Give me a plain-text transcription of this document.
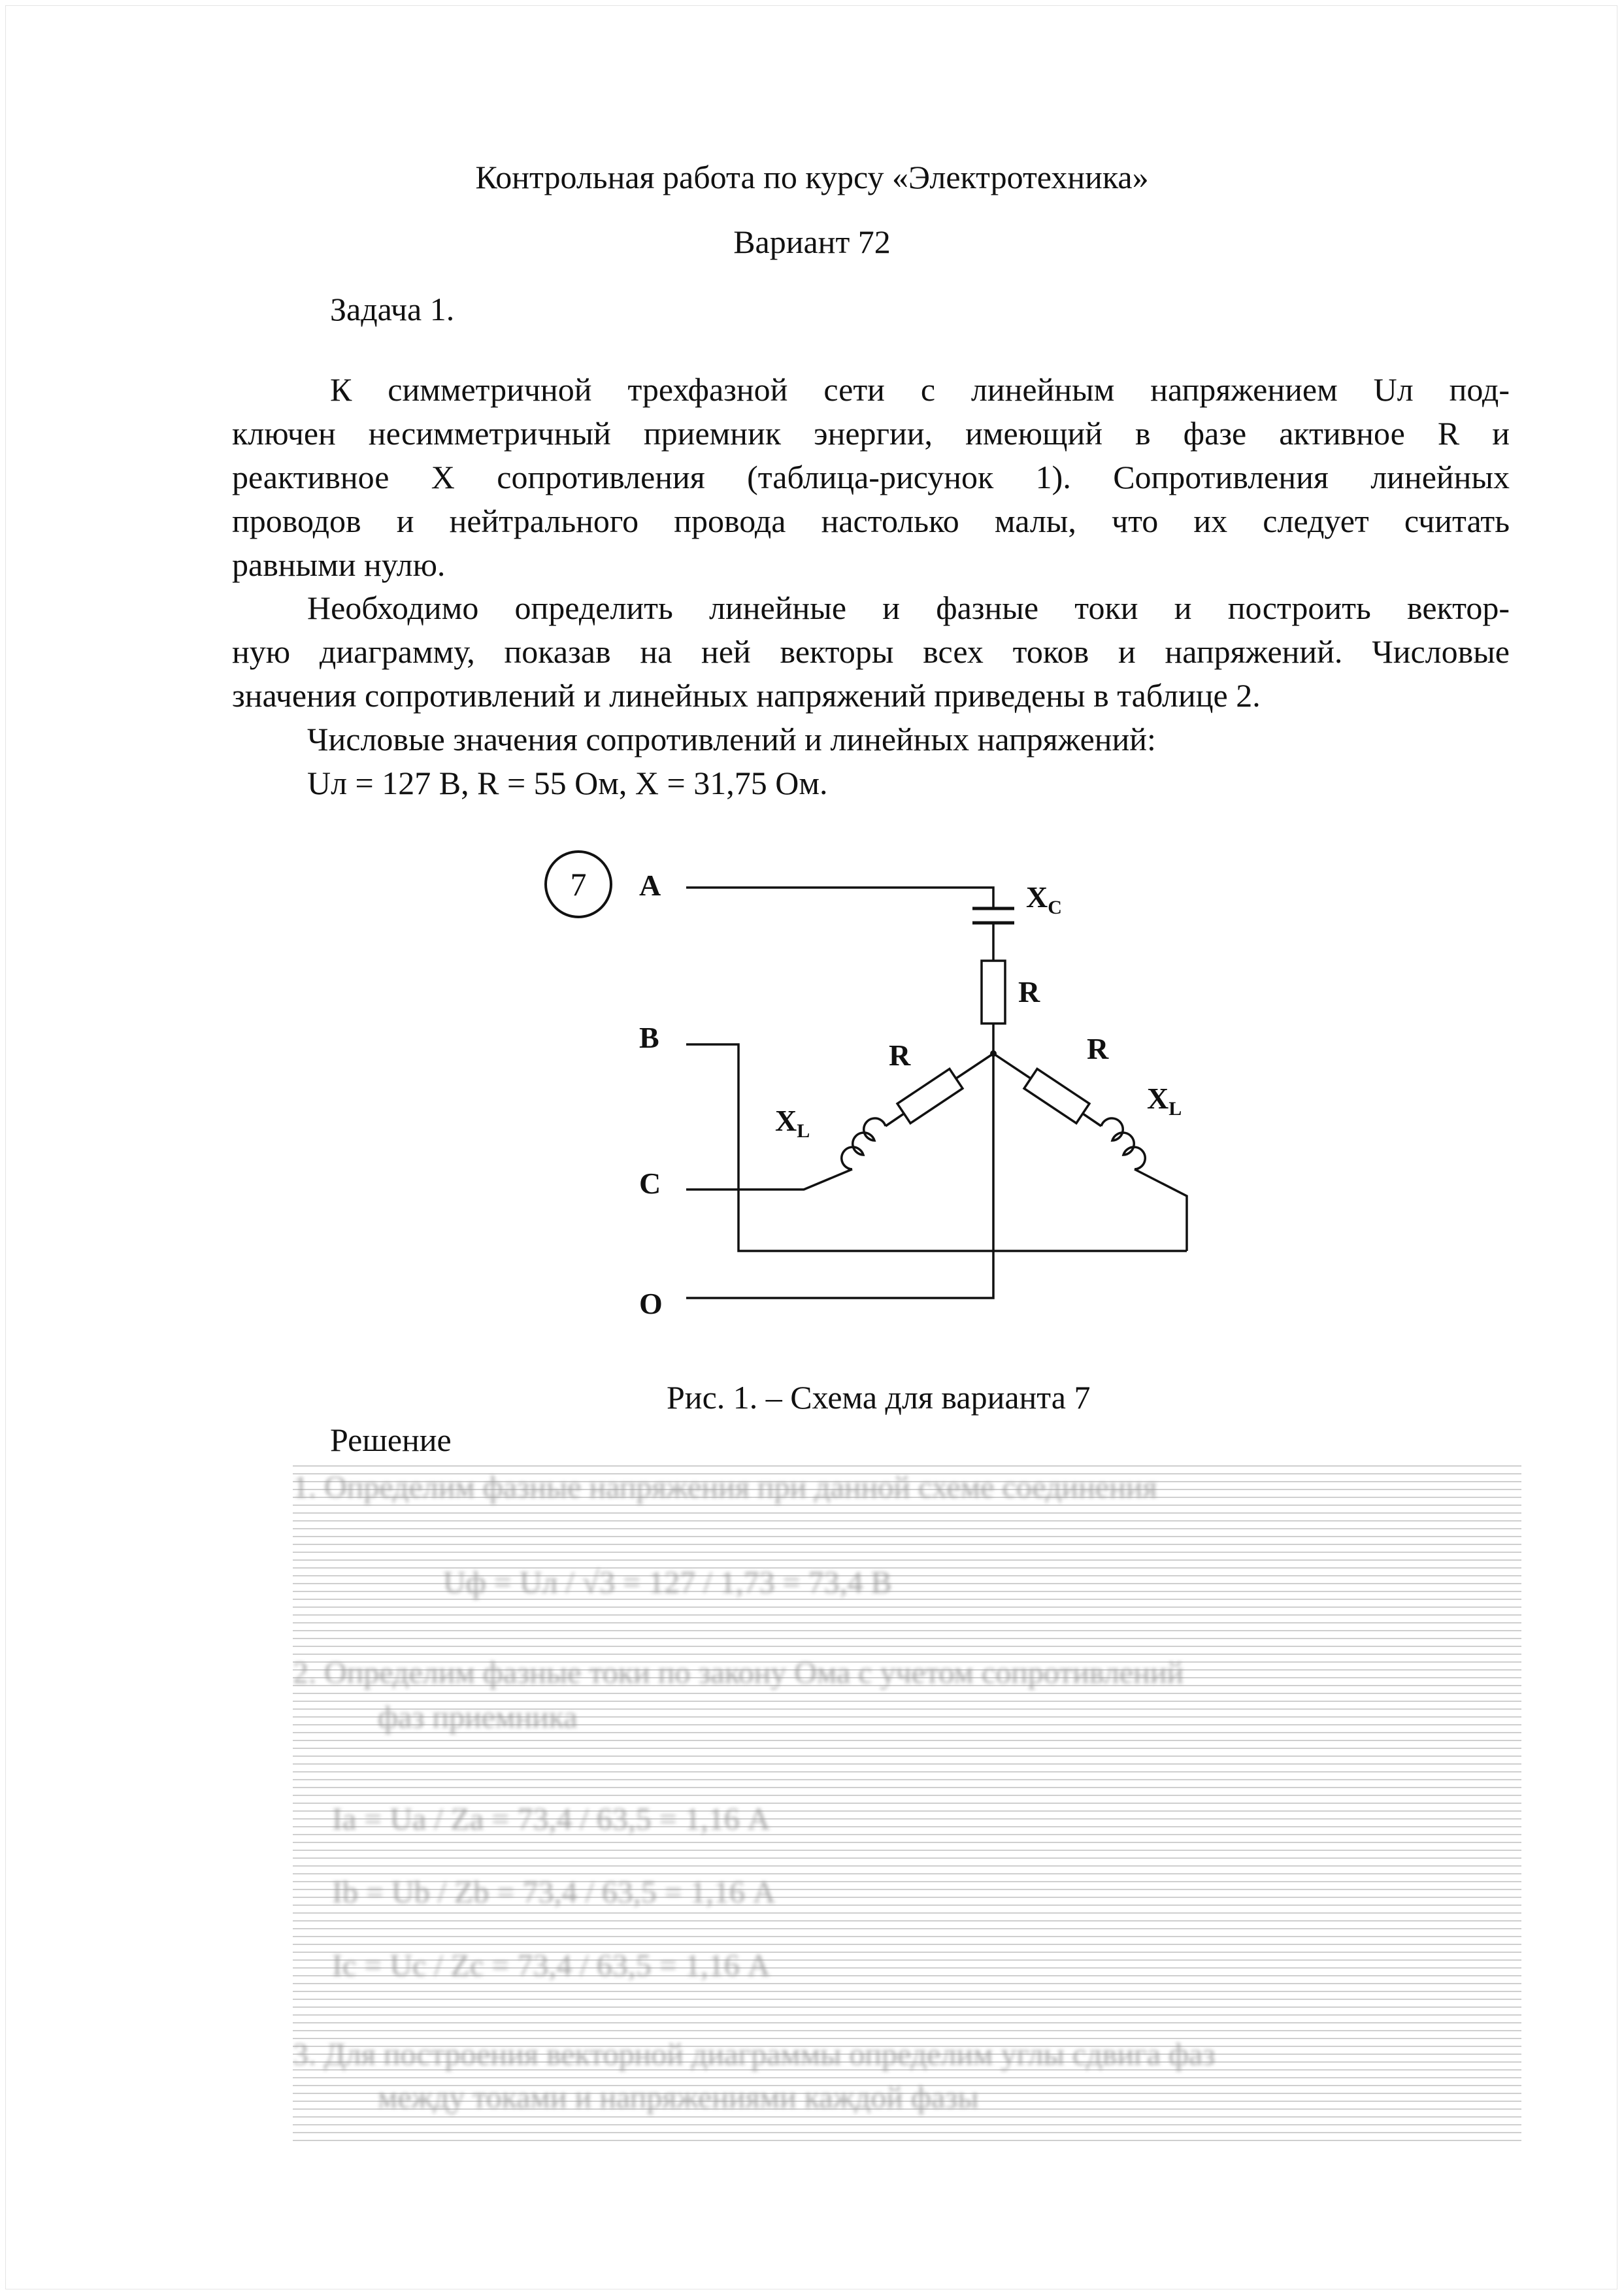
Контрольная работа по курсу «Электротехника»
Вариант 72
Задача 1.
К симметричной трехфазной сети с линейным напряжением Uл под-
ключен несимметричный приемник энергии, имеющий в фазе активное R и
реактивное X сопротивления (таблица-рисунок 1). Сопротивления линейных
проводов и нейтрального провода настолько малы, что их следует считать
равными нулю.
Необходимо определить линейные и фазные токи и построить вектор-
ную диаграмму, показав на ней векторы всех токов и напряжений. Числовые
значения сопротивлений и линейных напряжений приведены в таблице 2.
Числовые значения сопротивлений и линейных напряжений:
Uл = 127 В, R = 55 Ом, X = 31,75 Ом.
7 A
B
C
O
$X_C$
R
R	R
$X_L$
$X_L$
Рис. 1. – Схема для варианта 7
Решение
1. Определим фазные напряжения при данной схеме соединения
Uф = Uл / √3 = 127 / 1,73 = 73,4 В
2. Определим фазные токи по закону Ома с учетом сопротивлений
фаз приемника
Ia = Ua / Za = 73,4 / 63,5 = 1,16 А
Ib = Ub / Zb = 73,4 / 63,5 = 1,16 А
Ic = Uc / Zc = 73,4 / 63,5 = 1,16 А
3. Для построения векторной диаграммы определим углы сдвига фаз
между токами и напряжениями каждой фазы
